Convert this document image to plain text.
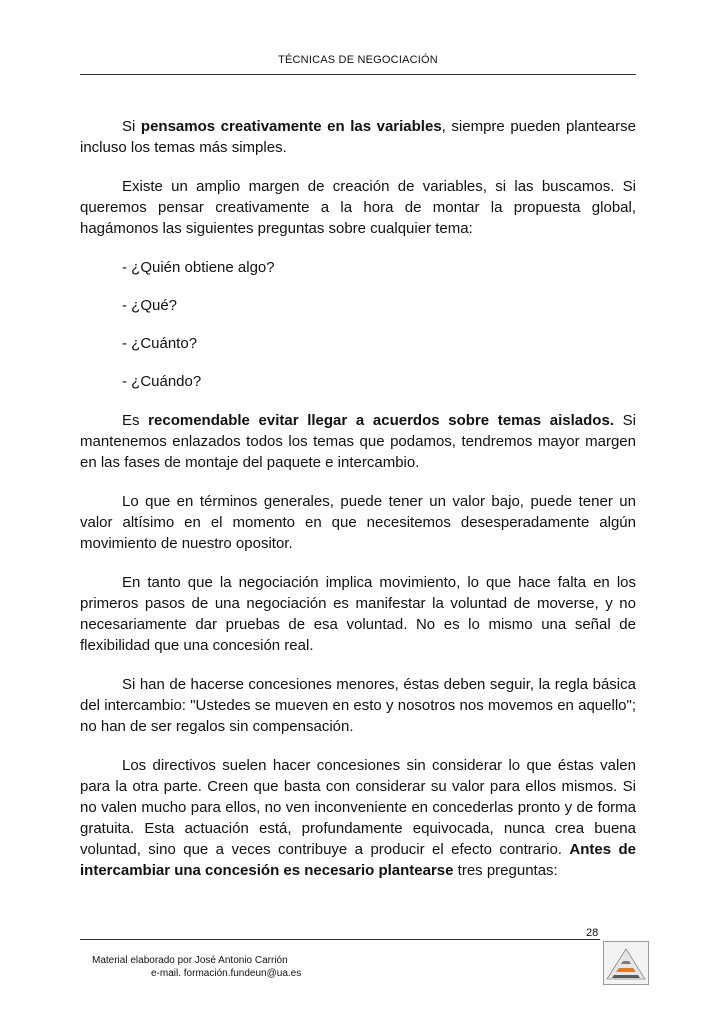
TÉCNICAS DE NEGOCIACIÓN

Si pensamos creativamente en las variables, siempre pueden plantearse incluso los temas más simples.

Existe un amplio margen de creación de variables, si las buscamos. Si queremos pensar creativamente a la hora de montar la propuesta global, hagámonos las siguientes preguntas sobre cualquier tema:

- ¿Quién obtiene algo?
- ¿Qué?
- ¿Cuánto?
- ¿Cuándo?

Es recomendable evitar llegar a acuerdos sobre temas aislados. Si mantenemos enlazados todos los temas que podamos, tendremos mayor margen en las fases de montaje del paquete e intercambio.

Lo que en términos generales, puede tener un valor bajo, puede tener un valor altísimo en el momento en que necesitemos desesperadamente algún movimiento de nuestro opositor.

En tanto que la negociación implica movimiento, lo que hace falta en los primeros pasos de una negociación es manifestar la voluntad de moverse, y no necesariamente dar pruebas de esa voluntad. No es lo mismo una señal de flexibilidad que una concesión real.

Si han de hacerse concesiones menores, éstas deben seguir, la regla básica del intercambio: "Ustedes se mueven en esto y nosotros nos movemos en aquello"; no han de ser regalos sin compensación.

Los directivos suelen hacer concesiones sin considerar lo que éstas valen para la otra parte. Creen que basta con considerar su valor para ellos mismos. Si no valen mucho para ellos, no ven inconveniente en concederlas pronto y de forma gratuita. Esta actuación está, profundamente equivocada, nunca crea buena voluntad, sino que a veces contribuye a producir el efecto contrario. Antes de intercambiar una concesión es necesario plantearse tres preguntas:

28
Material elaborado por José Antonio Carrión
e-mail. formación.fundeun@ua.es
